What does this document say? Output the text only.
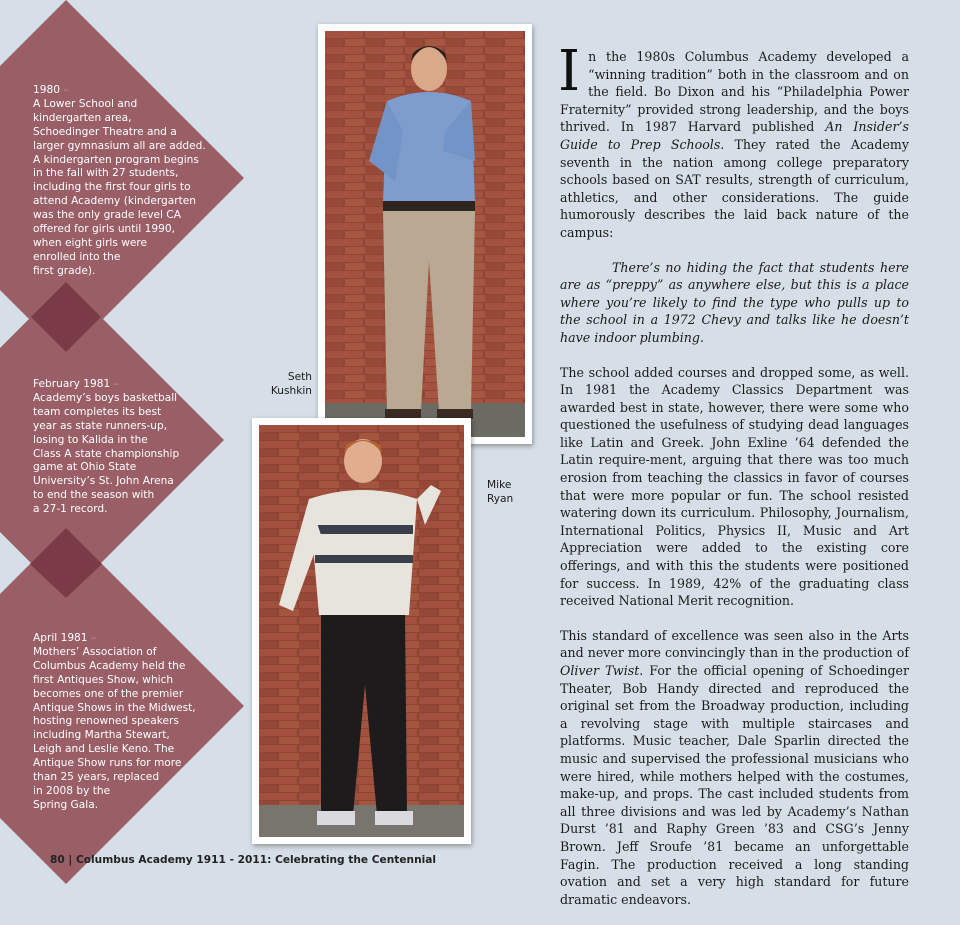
1980 –
A Lower School and
kindergarten area,
Schoedinger Theatre and a
larger gymnasium all are added.
A kindergarten program begins
in the fall with 27 students,
including the first four girls to
attend Academy (kindergarten
was the only grade level CA
offered for girls until 1990,
when eight girls were
enrolled into the
first grade).
February 1981 –
Academy’s boys basketball
team completes its best
year as state runners-up,
losing to Kalida in the
Class A state championship
game at Ohio State
University’s St. John Arena
to end the season with
a 27-1 record.
April 1981 –
Mothers’ Association of
Columbus Academy held the
first Antiques Show, which
becomes one of the premier
Antique Shows in the Midwest,
hosting renowned speakers
including Martha Stewart,
Leigh and Leslie Keno. The
Antique Show runs for more
than 25 years, replaced
in 2008 by the
Spring Gala.
Seth
Kushkin
Mike
Ryan

In the 1980s Columbus Academy developed a “winning tradition” both in the classroom and on the field. Bo Dixon and his “Philadelphia Power Fraternity” provided strong leadership, and the boys thrived. In 1987 Harvard published An Insider’s Guide to Prep Schools. They rated the Academy seventh in the nation among college preparatory schools based on SAT results, strength of curriculum, athletics, and other considerations. The guide humorously describes the laid back nature of the campus:

There’s no hiding the fact that students here are as “preppy” as anywhere else, but this is a place where you’re likely to find the type who pulls up to the school in a 1972 Chevy and talks like he doesn’t have indoor plumbing.

The school added courses and dropped some, as well. In 1981 the Academy Classics Department was awarded best in state, however, there were some who questioned the usefulness of studying dead languages like Latin and Greek. John Exline ’64 defended the Latin require-ment, arguing that there was too much erosion from teaching the classics in favor of courses that were more popular or fun. The school resisted watering down its curriculum. Philosophy, Journalism, International Politics, Physics II, Music and Art Appreciation were added to the existing core offerings, and with this the students were positioned for success. In 1989, 42% of the graduating class received National Merit recognition.

This standard of excellence was seen also in the Arts and never more convincingly than in the production of Oliver Twist. For the official opening of Schoedinger Theater, Bob Handy directed and reproduced the original set from the Broadway production, including a revolving stage with multiple staircases and platforms. Music teacher, Dale Sparlin directed the music and supervised the professional musicians who were hired, while mothers helped with the costumes, make-up, and props. The cast included students from all three divisions and was led by Academy’s Nathan Durst ’81 and Raphy Green ’83 and CSG’s Jenny Brown. Jeff Sroufe ’81 became an unforgettable Fagin. The production received a long standing ovation and set a very high standard for future dramatic endeavors.

80 | Columbus Academy 1911 - 2011: Celebrating the Centennial
